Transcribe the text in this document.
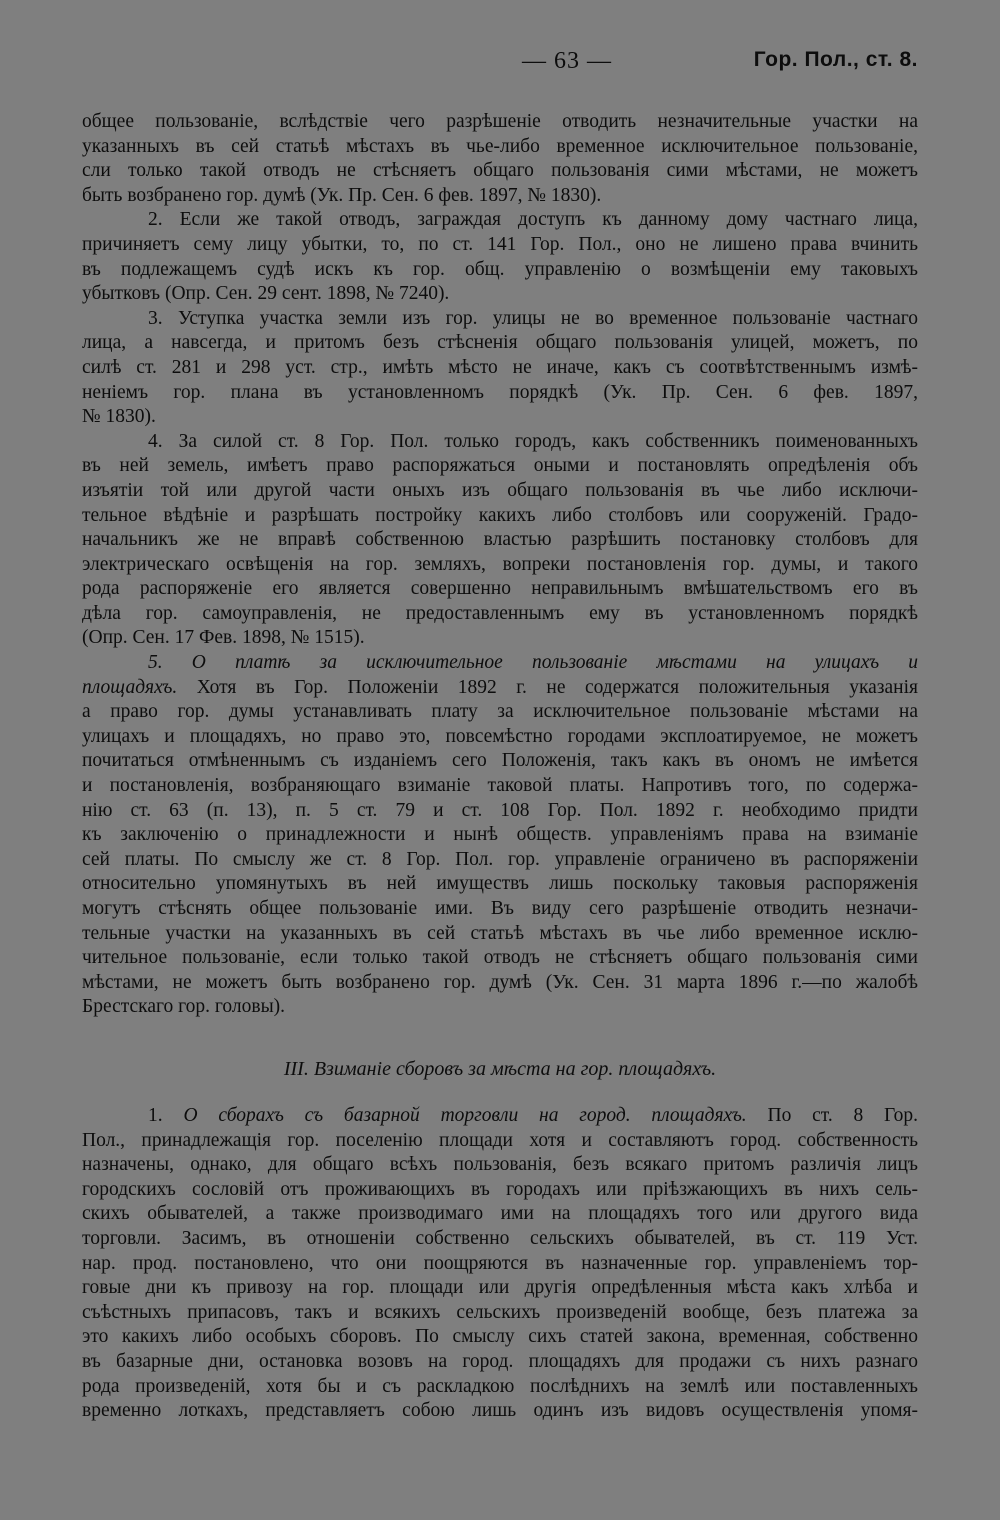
— 63 —	Гор. Пол., ст. 8.
общее пользованіе, вслѣдствіе чего разрѣшеніе отводить незначительные участки на
указанныхъ въ сей статьѣ мѣстахъ въ чье-либо временное исключительное пользованіе,
сли только такой отводъ не стѣсняетъ общаго пользованія сими мѣстами, не можетъ
быть возбранено гор. думѣ (Ук. Пр. Сен. 6 фев. 1897, № 1830).
2. Если же такой отводъ, заграждая доступъ къ данному дому частнаго лица,
причиняетъ сему лицу убытки, то, по ст. 141 Гор. Пол., оно не лишено права вчинить
въ подлежащемъ судѣ искъ къ гор. общ. управленію о возмѣщеніи ему таковыхъ
убытковъ (Опр. Сен. 29 сент. 1898, № 7240).
3. Уступка участка земли изъ гор. улицы не во временное пользованіе частнаго
лица, а навсегда, и притомъ безъ стѣсненія общаго пользованія улицей, можетъ, по
силѣ ст. 281 и 298 уст. стр., имѣть мѣсто не иначе, какъ съ соотвѣтственнымъ измѣ-
неніемъ гор. плана въ установленномъ порядкѣ (Ук. Пр. Сен. 6 фев. 1897,
№ 1830).
4. За силой ст. 8 Гор. Пол. только городъ, какъ собственникъ поименованныхъ
въ ней земель, имѣетъ право распоряжаться оными и постановлять опредѣленія объ
изъятіи той или другой части оныхъ изъ общаго пользованія въ чье либо исключи-
тельное вѣдѣніе и разрѣшать постройку какихъ либо столбовъ или сооруженій. Градо-
начальникъ же не вправѣ собственною властью разрѣшить постановку столбовъ для
электрическаго освѣщенія на гор. земляхъ, вопреки постановленія гор. думы, и такого
рода распоряженіе его является совершенно неправильнымъ вмѣшательствомъ его въ
дѣла гор. самоуправленія, не предоставленнымъ ему въ установленномъ порядкѣ
(Опр. Сен. 17 Фев. 1898, № 1515).
5. О платѣ за исключительное пользованіе мѣстами на улицахъ и
площадяхъ. Хотя въ Гор. Положеніи 1892 г. не содержатся положительныя указанія
а право гор. думы устанавливать плату за исключительное пользованіе мѣстами на
улицахъ и площадяхъ, но право это, повсемѣстно городами эксплоатируемое, не можетъ
почитаться отмѣненнымъ съ изданіемъ сего Положенія, такъ какъ въ ономъ не имѣется
и постановленія, возбраняющаго взиманіе таковой платы. Напротивъ того, по содержа-
нію ст. 63 (п. 13), п. 5 ст. 79 и ст. 108 Гор. Пол. 1892 г. необходимо придти
къ заключенію о принадлежности и нынѣ обществ. управленіямъ права на взиманіе
сей платы. По смыслу же ст. 8 Гор. Пол. гор. управленіе ограничено въ распоряженіи
относительно упомянутыхъ въ ней имуществъ лишь поскольку таковыя распоряженія
могутъ стѣснять общее пользованіе ими. Въ виду сего разрѣшеніе отводить незначи-
тельные участки на указанныхъ въ сей статьѣ мѣстахъ въ чье либо временное исклю-
чительное пользованіе, если только такой отводъ не стѣсняетъ общаго пользованія сими
мѣстами, не можетъ быть возбранено гор. думѣ (Ук. Сен. 31 марта 1896 г.—по жалобѣ
Брестскаго гор. головы).
III. Взиманіе сборовъ за мѣста на гор. площадяхъ.
1. О сборахъ съ базарной торговли на город. площадяхъ. По ст. 8 Гор.
Пол., принадлежащія гор. поселенію площади хотя и составляютъ город. собственность
назначены, однако, для общаго всѣхъ пользованія, безъ всякаго притомъ различія лицъ
городскихъ сословій отъ проживающихъ въ городахъ или пріѣзжающихъ въ нихъ сель-
скихъ обывателей, а также производимаго ими на площадяхъ того или другого вида
торговли. Засимъ, въ отношеніи собственно сельскихъ обывателей, въ ст. 119 Уст.
нар. прод. постановлено, что они поощряются въ назначенные гор. управленіемъ тор-
говые дни къ привозу на гор. площади или другія опредѣленныя мѣста какъ хлѣба и
съѣстныхъ припасовъ, такъ и всякихъ сельскихъ произведеній вообще, безъ платежа за
это какихъ либо особыхъ сборовъ. По смыслу сихъ статей закона, временная, собственно
въ базарные дни, остановка возовъ на город. площадяхъ для продажи съ нихъ разнаго
рода произведеній, хотя бы и съ раскладкою послѣднихъ на землѣ или поставленныхъ
временно лоткахъ, представляетъ собою лишь одинъ изъ видовъ осуществленія упомя-
